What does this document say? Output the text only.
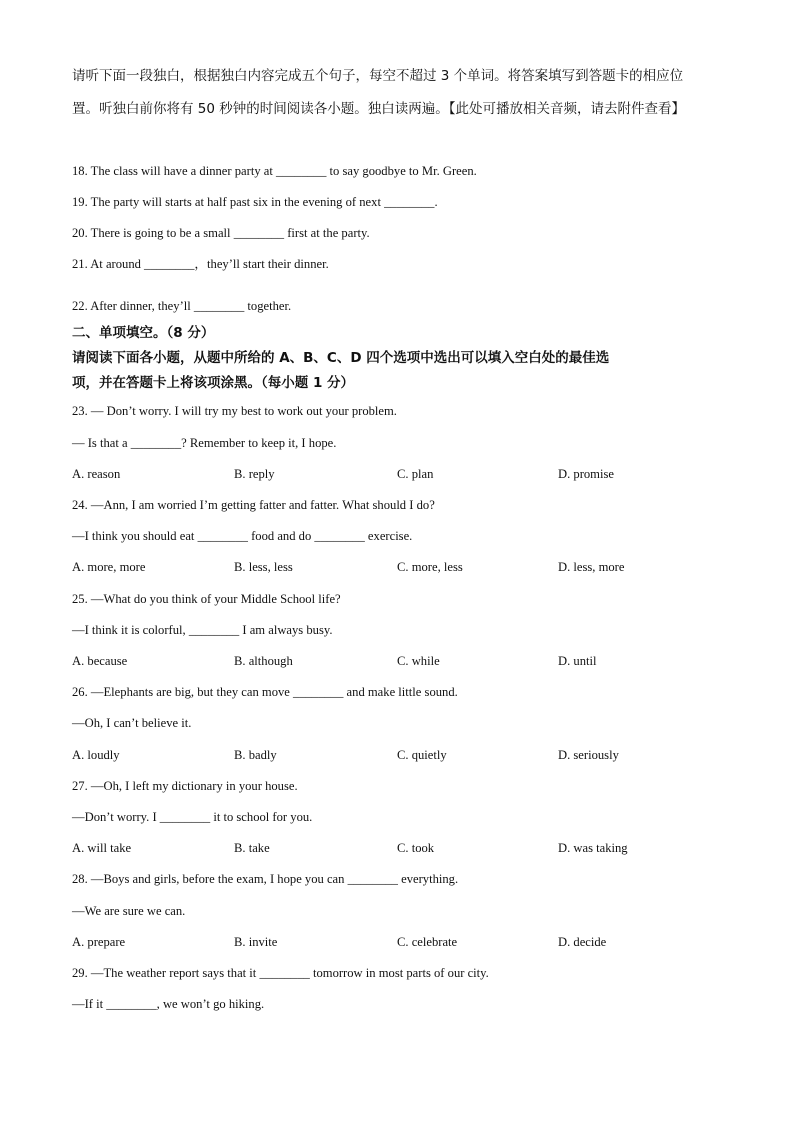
请听下面一段独白，根据独白内容完成五个句子，每空不超过 3 个单词。将答案填写到答题卡的相应位
置。听独白前你将有 50 秒钟的时间阅读各小题。独白读两遍。【此处可播放相关音频，请去附件查看】
18. The class will have a dinner party at ________ to say goodbye to Mr. Green.
19. The party will starts at half past six in the evening of next ________.
20. There is going to be a small ________ first at the party.
21. At around ________，they’ll start their dinner.
22. After dinner, they’ll ________ together.
二、单项填空。（8 分）
请阅读下面各小题，从题中所给的 A、B、C、D 四个选项中选出可以填入空白处的最佳选
项，并在答题卡上将该项涂黑。（每小题 1 分）
23. — Don’t worry. I will try my best to work out your problem.
— Is that a ________? Remember to keep it, I hope.
A. reason	B. reply	C. plan	D. promise
24. —Ann, I am worried I’m getting fatter and fatter. What should I do?
—I think you should eat ________ food and do ________ exercise.
A. more, more	B. less, less	C. more, less	D. less, more
25. —What do you think of your Middle School life?
—I think it is colorful, ________ I am always busy.
A. because	B. although	C. while	D. until
26. —Elephants are big, but they can move ________ and make little sound.
—Oh, I can’t believe it.
A. loudly	B. badly	C. quietly	D. seriously
27. —Oh, I left my dictionary in your house.
—Don’t worry. I ________ it to school for you.
A. will take	B. take	C. took	D. was taking
28. —Boys and girls, before the exam, I hope you can ________ everything.
—We are sure we can.
A. prepare	B. invite	C. celebrate	D. decide
29. —The weather report says that it ________ tomorrow in most parts of our city.
—If it ________, we won’t go hiking.
